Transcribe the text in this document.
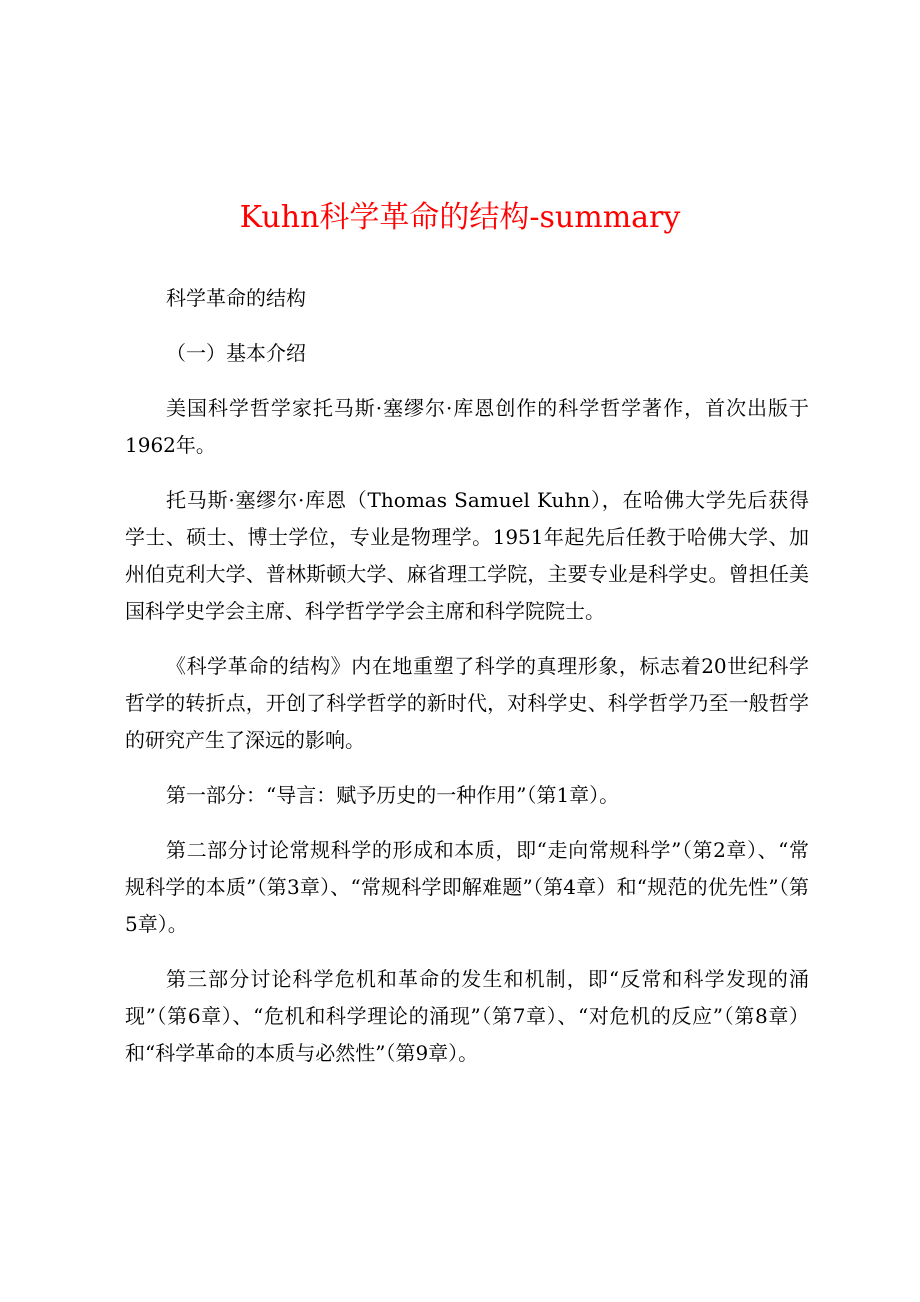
Kuhn科学革命的结构-summary

科学革命的结构

（一）基本介绍

美国科学哲学家托马斯·塞缪尔·库恩创作的科学哲学著作，首次出版于1962年。

托马斯·塞缪尔·库恩（Thomas Samuel Kuhn），在哈佛大学先后获得学士、硕士、博士学位，专业是物理学。1951年起先后任教于哈佛大学、加州伯克利大学、普林斯顿大学、麻省理工学院，主要专业是科学史。曾担任美国科学史学会主席、科学哲学学会主席和科学院院士。

《科学革命的结构》内在地重塑了科学的真理形象，标志着20世纪科学哲学的转折点，开创了科学哲学的新时代，对科学史、科学哲学乃至一般哲学的研究产生了深远的影响。

第一部分：“导言：赋予历史的一种作用”（第1章）。

第二部分讨论常规科学的形成和本质，即“走向常规科学”（第2章）、“常规科学的本质”（第3章）、“常规科学即解难题”（第4章）和“规范的优先性”（第5章）。

第三部分讨论科学危机和革命的发生和机制，即“反常和科学发现的涌现”（第6章）、“危机和科学理论的涌现”（第7章）、“对危机的反应”（第8章）和“科学革命的本质与必然性”（第9章）。
